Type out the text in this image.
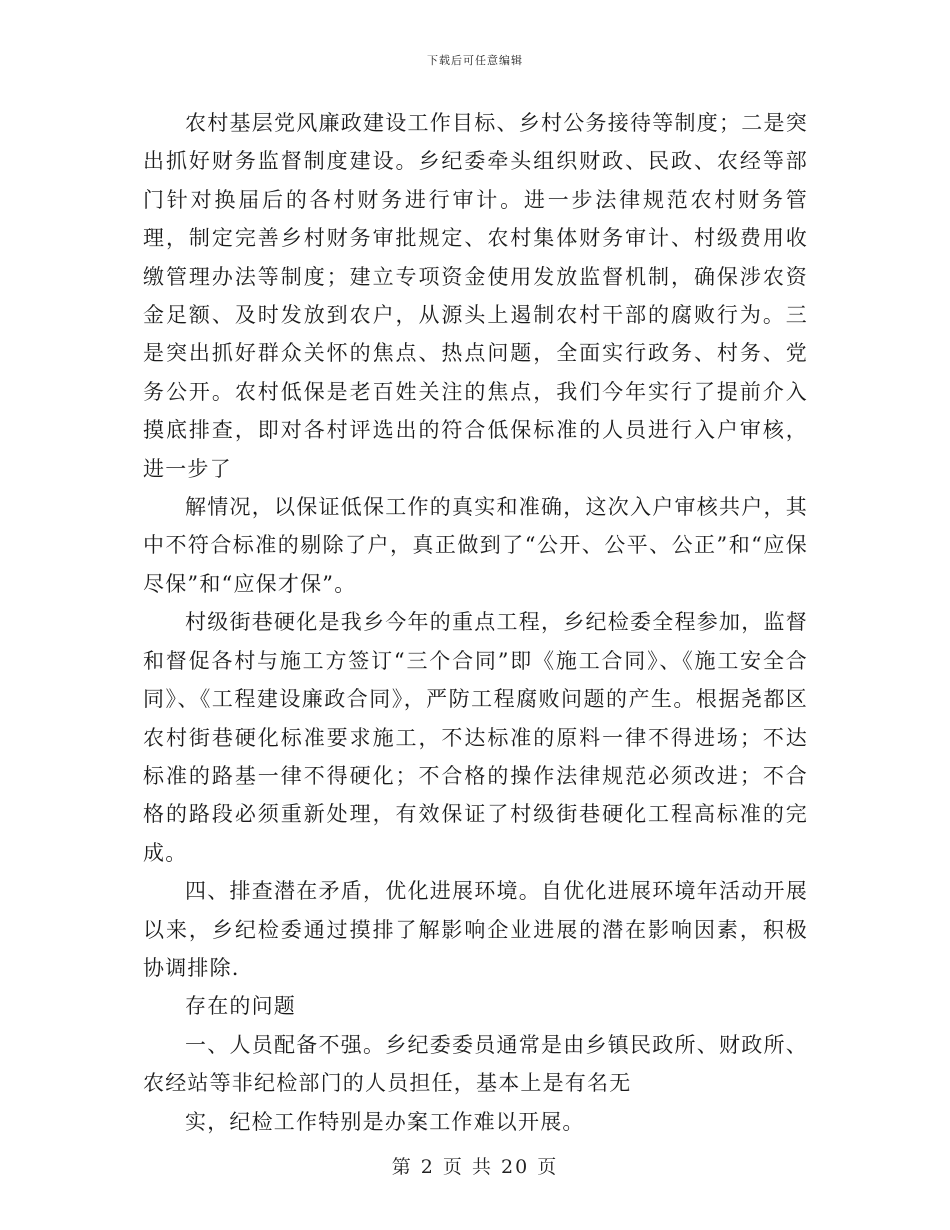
下载后可任意编辑

农村基层党风廉政建设工作目标、乡村公务接待等制度；二是突出抓好财务监督制度建设。乡纪委牵头组织财政、民政、农经等部门针对换届后的各村财务进行审计。进一步法律规范农村财务管理，制定完善乡村财务审批规定、农村集体财务审计、村级费用收缴管理办法等制度；建立专项资金使用发放监督机制，确保涉农资金足额、及时发放到农户，从源头上遏制农村干部的腐败行为。三是突出抓好群众关怀的焦点、热点问题，全面实行政务、村务、党务公开。农村低保是老百姓关注的焦点，我们今年实行了提前介入摸底排查，即对各村评选出的符合低保标准的人员进行入户审核，进一步了

解情况，以保证低保工作的真实和准确，这次入户审核共户，其中不符合标准的剔除了户，真正做到了“公开、公平、公正”和“应保尽保”和“应保才保”。

村级街巷硬化是我乡今年的重点工程，乡纪检委全程参加，监督和督促各村与施工方签订“三个合同”即《施工合同》、《施工安全合同》、《工程建设廉政合同》，严防工程腐败问题的产生。根据尧都区农村街巷硬化标准要求施工，不达标准的原料一律不得进场；不达标准的路基一律不得硬化；不合格的操作法律规范必须改进；不合格的路段必须重新处理，有效保证了村级街巷硬化工程高标准的完成。

四、排查潜在矛盾，优化进展环境。自优化进展环境年活动开展以来，乡纪检委通过摸排了解影响企业进展的潜在影响因素，积极协调排除.

存在的问题

一、人员配备不强。乡纪委委员通常是由乡镇民政所、财政所、农经站等非纪检部门的人员担任，基本上是有名无

实，纪检工作特别是办案工作难以开展。

第 2 页 共 20 页
